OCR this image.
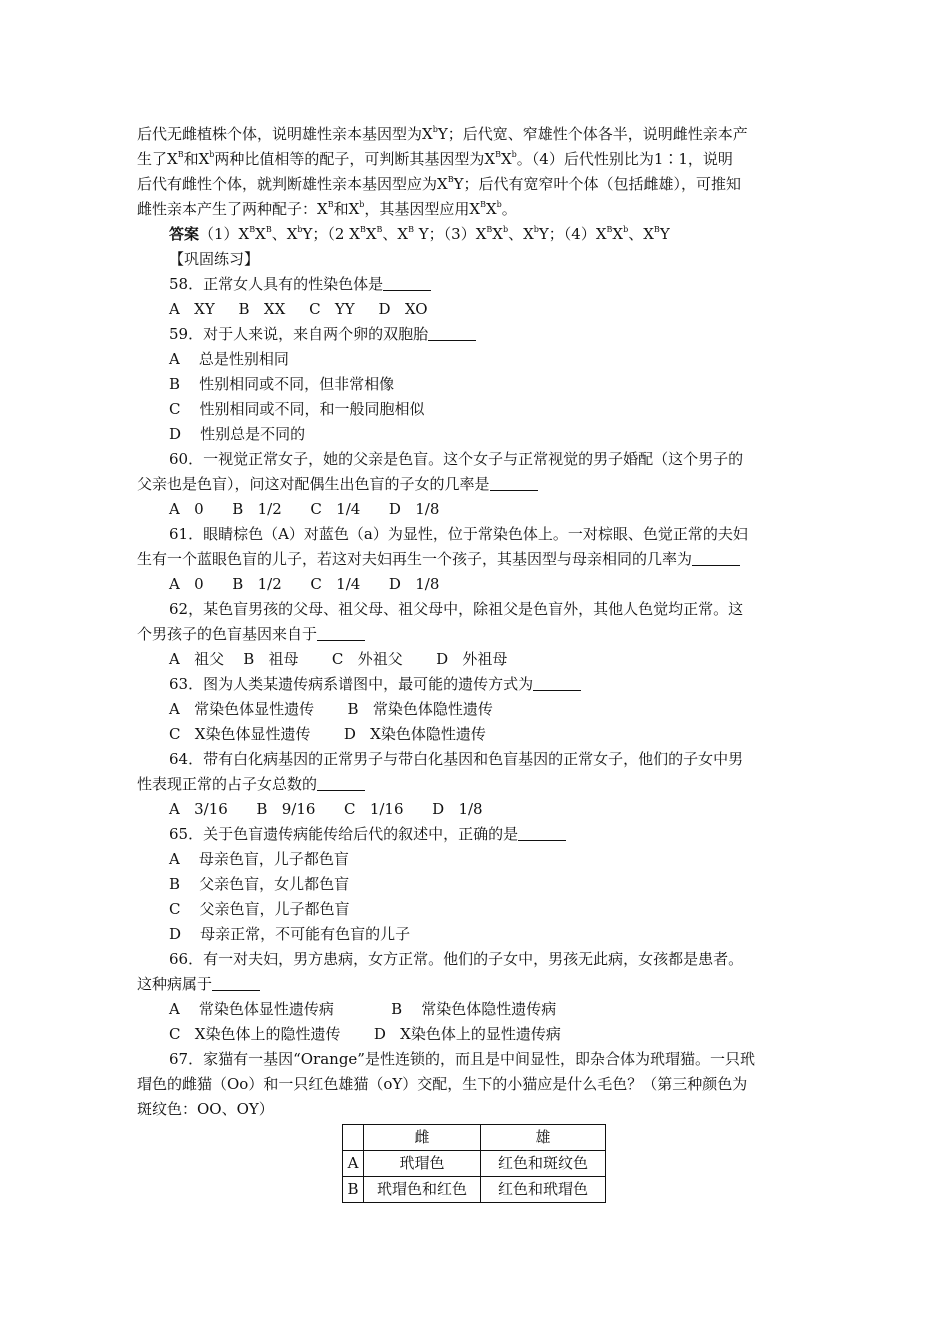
后代无雌植株个体，说明雄性亲本基因型为$X^bY$；后代宽、窄雄性个体各半，说明雌性亲本产
生了$X^B$和$X^b$两种比值相等的配子，可判断其基因型为$X^BX^b$。（4）后代性别比为1∶1，说明
后代有雌性个体，就判断雄性亲本基因型应为$X^BY$；后代有宽窄叶个体（包括雌雄），可推知
雌性亲本产生了两种配子：$X^B$和$X^b$，其基因型应用$X^BX^b$。
答案$(1)X^BX^B$、$X^bY$；（2 $X^BX^B$、$X^B$ Y；$(3)X^BX^b$、$X^bY$；$(4)X^BX^b$、$X^BY$
【巩固练习】
58．正常女人具有的性染色体是
A   XY     B   XX     C   YY     D   XO
59．对于人来说，来自两个卵的双胞胎
A    总是性别相同
B    性别相同或不同，但非常相像
C    性别相同或不同，和一般同胞相似
D    性别总是不同的
60．一视觉正常女子，她的父亲是色盲。这个女子与正常视觉的男子婚配（这个男子的
父亲也是色盲），问这对配偶生出色盲的子女的几率是
A   0      B   1/2      C   1/4      D   1/8
61．眼睛棕色（A）对蓝色（a）为显性，位于常染色体上。一对棕眼、色觉正常的夫妇
生有一个蓝眼色盲的儿子，若这对夫妇再生一个孩子，其基因型与母亲相同的几率为
A   0      B   1/2      C   1/4      D   1/8
62，某色盲男孩的父母、祖父母、祖父母中，除祖父是色盲外，其他人色觉均正常。这
个男孩子的色盲基因来自于
A   祖父    B   祖母       C   外祖父       D   外祖母
63．图为人类某遗传病系谱图中，最可能的遗传方式为
A   常染色体显性遗传       B   常染色体隐性遗传
C   X染色体显性遗传       D   X染色体隐性遗传
64．带有白化病基因的正常男子与带白化基因和色盲基因的正常女子，他们的子女中男
性表现正常的占子女总数的
A   3/16      B   9/16      C   1/16      D   1/8
65．关于色盲遗传病能传给后代的叙述中，正确的是
A    母亲色盲，儿子都色盲
B    父亲色盲，女儿都色盲
C    父亲色盲，儿子都色盲
D    母亲正常，不可能有色盲的儿子
66．有一对夫妇，男方患病，女方正常。他们的子女中，男孩无此病，女孩都是患者。
这种病属于
A    常染色体显性遗传病            B    常染色体隐性遗传病
C   X染色体上的隐性遗传       D   X染色体上的显性遗传病
67．家猫有一基因“Orange”是性连锁的，而且是中间显性，即杂合体为玳瑁猫。一只玳
瑁色的雌猫（Oo）和一只红色雄猫（oY）交配，生下的小猫应是什么毛色？（第三种颜色为
斑纹色：OO、OY）
	雌	雄
A	玳瑁色	红色和斑纹色
B	玳瑁色和红色	红色和玳瑁色
